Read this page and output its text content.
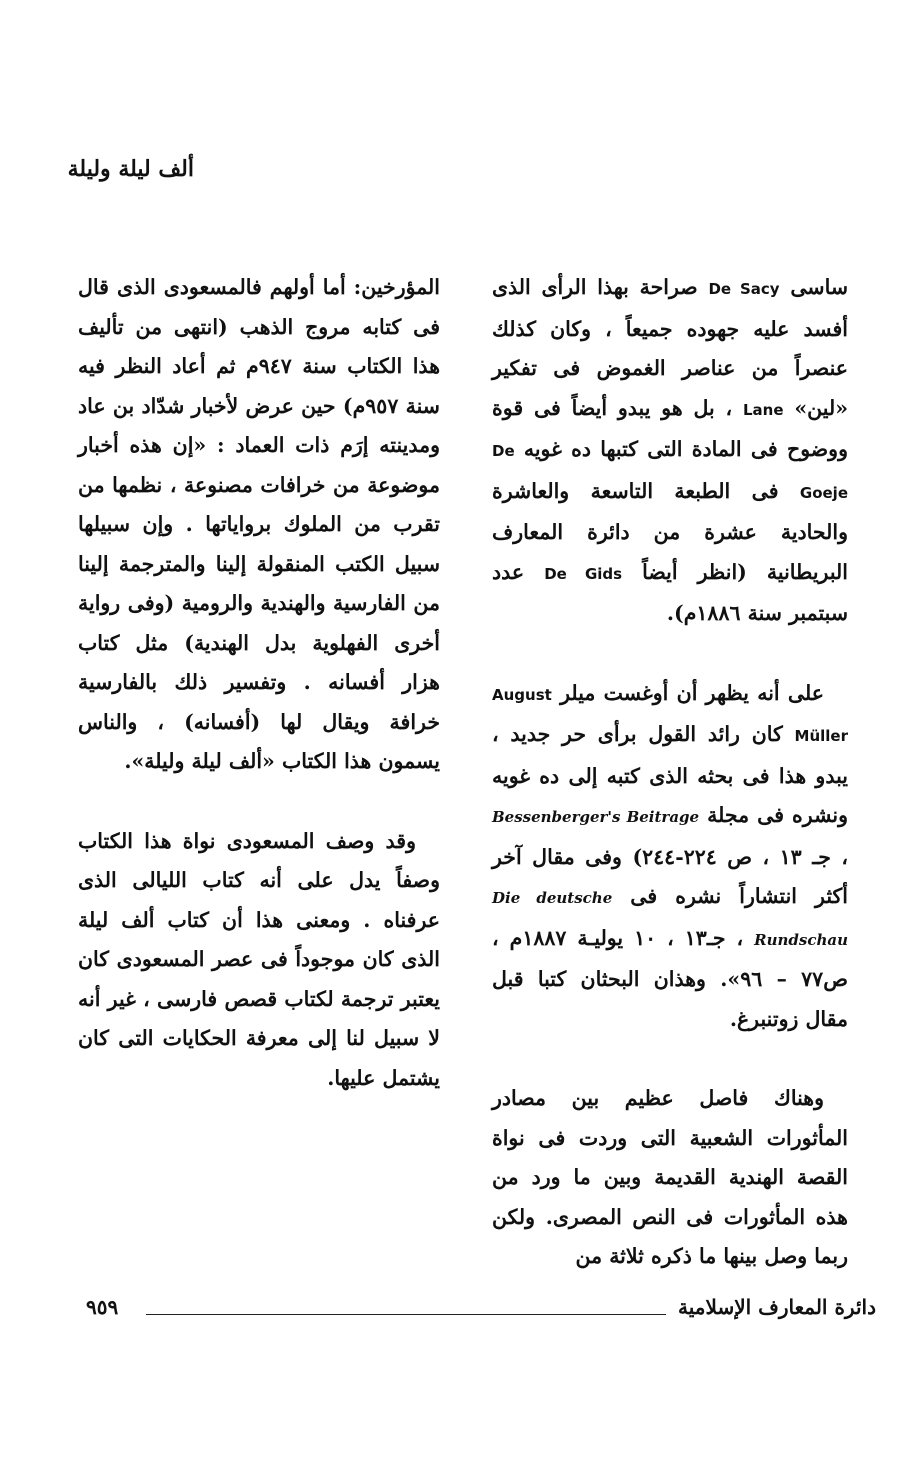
ألف ليلة وليلة

ساسى De Sacy صراحة بهذا الرأى الذى أفسد عليه جهوده جميعاً ، وكان كذلك عنصراً من عناصر الغموض فى تفكير «لين» Lane ، بل هو يبدو أيضاً فى قوة ووضوح فى المادة التى كتبها ده غويه De Goeje فى الطبعة التاسعة والعاشرة والحادية عشرة من دائرة المعارف البريطانية (انظر أيضاً De Gids عدد سبتمبر سنة ١٨٨٦م).

على أنه يظهر أن أوغست ميلر August Müller كان رائد القول برأى حر جديد ، يبدو هذا فى بحثه الذى كتبه إلى ده غويه ونشره فى مجلة Bessenberger's Beitrage ، جـ ١٣ ، ص ٢٢٤-٢٤٤) وفى مقال آخر أكثر انتشاراً نشره فى Die deutsche Rundschau ، جـ١٣ ، ١٠ يوليـة ١٨٨٧م ، ص٧٧ – ٩٦». وهذان البحثان كتبا قبل مقال زوتنبرغ.

وهناك فاصل عظيم بين مصادر المأثورات الشعبية التى وردت فى نواة القصة الهندية القديمة وبين ما ورد من هذه المأثورات فى النص المصرى. ولكن ربما وصل بينها ما ذكره ثلاثة من

المؤرخين: أما أولهم فالمسعودى الذى قال فى كتابه مروج الذهب (انتهى من تأليف هذا الكتاب سنة ٩٤٧م ثم أعاد النظر فيه سنة ٩٥٧م) حين عرض لأخبار شدّاد بن عاد ومدينته إرَم ذات العماد : «إن هذه أخبار موضوعة من خرافات مصنوعة ، نظمها من تقرب من الملوك برواياتها . وإن سبيلها سبيل الكتب المنقولة إلينا والمترجمة إلينا من الفارسية والهندية والرومية (وفى رواية أخرى الفهلوية بدل الهندية) مثل كتاب هزار أفسانه . وتفسير ذلك بالفارسية خرافة ويقال لها (أفسانه) ، والناس يسمون هذا الكتاب «ألف ليلة وليلة».

وقد وصف المسعودى نواة هذا الكتاب وصفاً يدل على أنه كتاب الليالى الذى عرفناه . ومعنى هذا أن كتاب ألف ليلة الذى كان موجوداً فى عصر المسعودى كان يعتبر ترجمة لكتاب قصص فارسى ، غير أنه لا سبيل لنا إلى معرفة الحكايات التى كان يشتمل عليها.

دائرة المعارف الإسلامية
٩٥٩
